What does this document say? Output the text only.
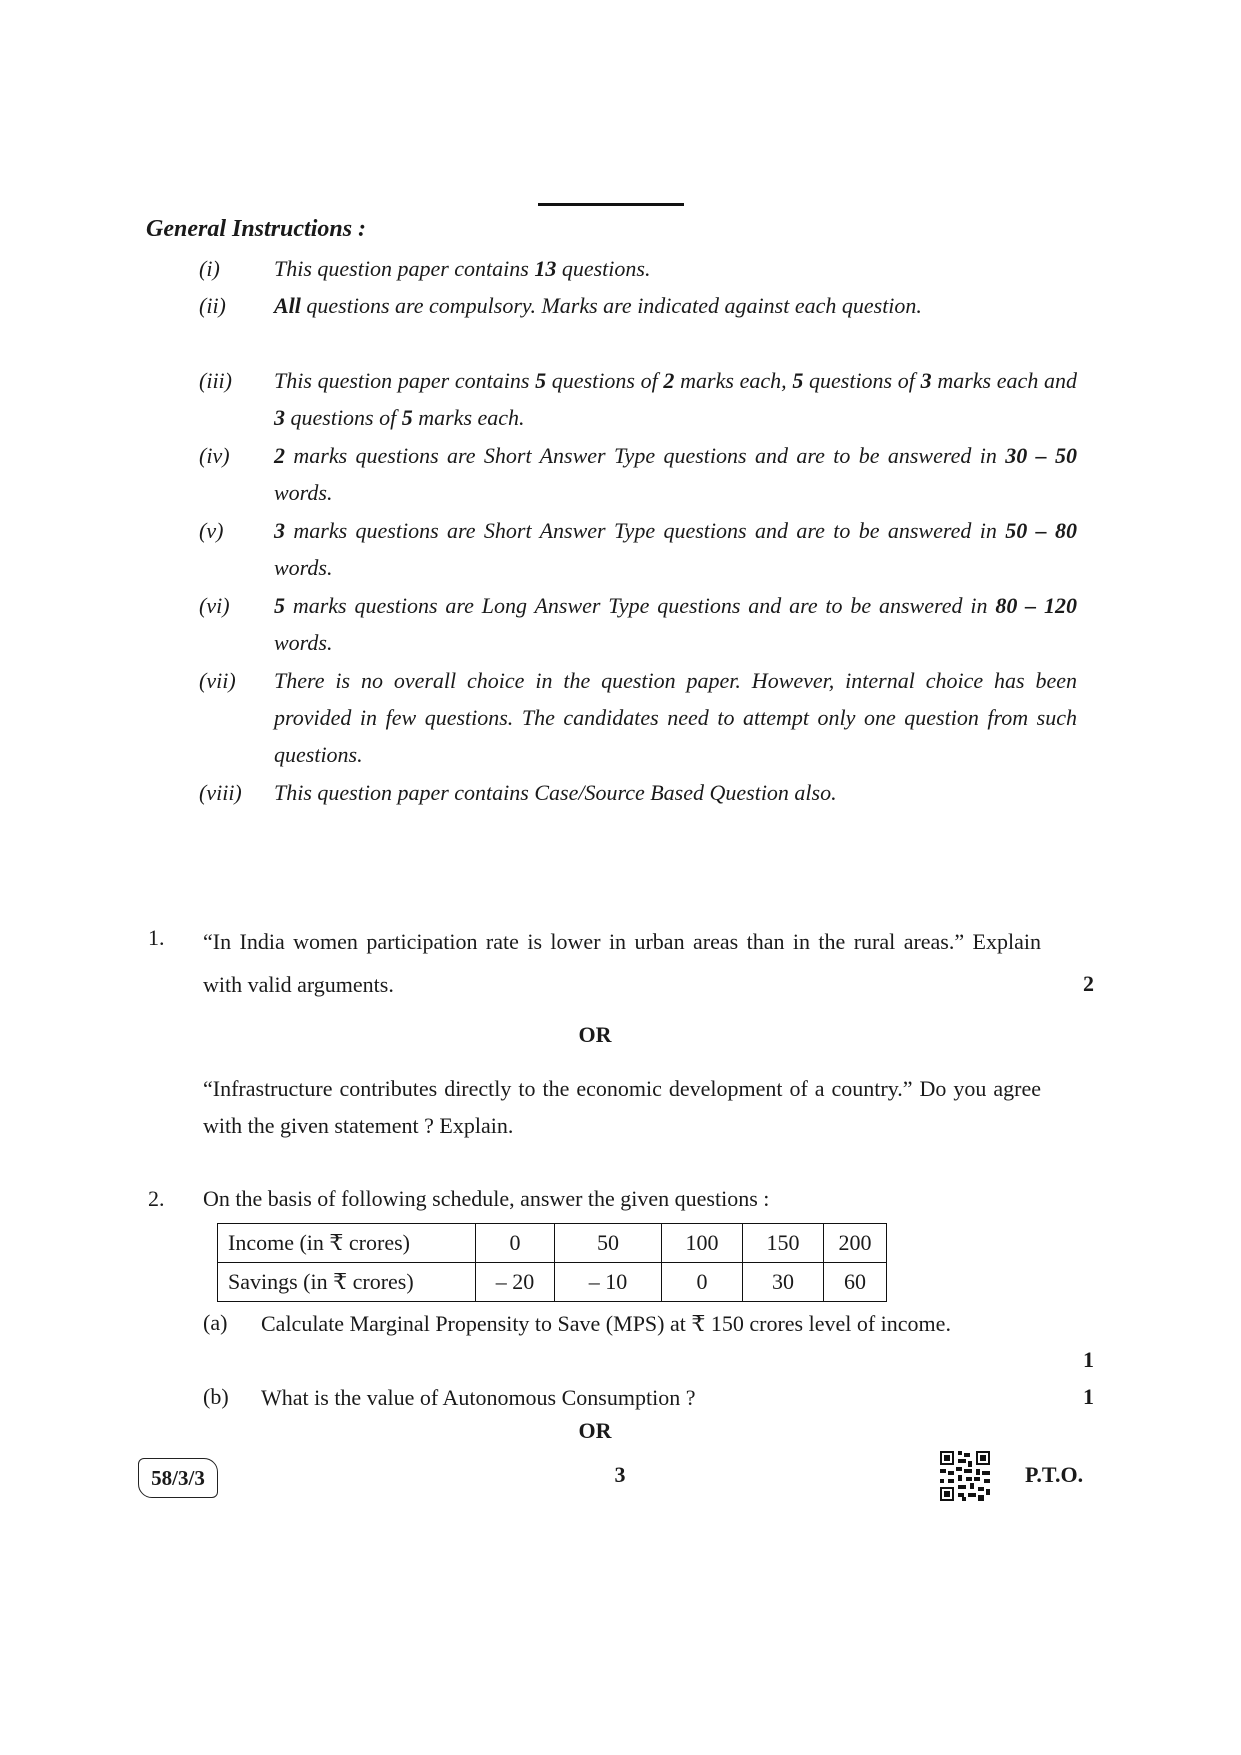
General Instructions :
(i)	This question paper contains 13 questions.
(ii)	All questions are compulsory. Marks are indicated against each question.
(iii)	This question paper contains 5 questions of 2 marks each, 5 questions of 3 marks each and 3 questions of 5 marks each.
(iv)	2 marks questions are Short Answer Type questions and are to be answered in 30 – 50 words.
(v)	3 marks questions are Short Answer Type questions and are to be answered in 50 – 80 words.
(vi)	5 marks questions are Long Answer Type questions and are to be answered in 80 – 120 words.
(vii)	There is no overall choice in the question paper. However, internal choice has been provided in few questions. The candidates need to attempt only one question from such questions.
(viii)	This question paper contains Case/Source Based Question also.
1. “In India women participation rate is lower in urban areas than in the rural areas.” Explain with valid arguments.	2
OR
“Infrastructure contributes directly to the economic development of a country.” Do you agree with the given statement ? Explain.
2. On the basis of following schedule, answer the given questions :
Income (in ₹ crores)	0	50	100	150	200
Savings (in ₹ crores)	– 20	– 10	0	30	60
(a) Calculate Marginal Propensity to Save (MPS) at ₹ 150 crores level of income.
1
(b) What is the value of Autonomous Consumption ?	1
OR
58/3/3	3	P.T.O.
